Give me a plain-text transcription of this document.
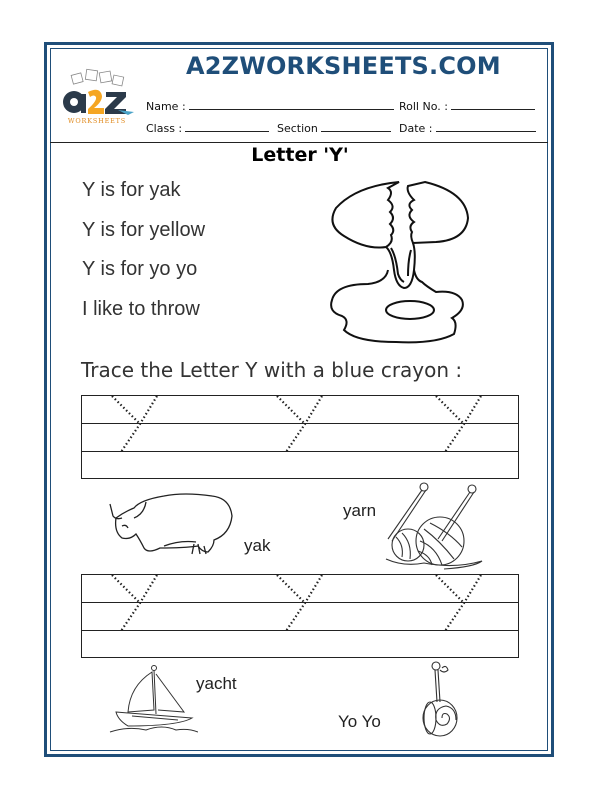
A2ZWORKSHEETS.COM
WORKSHEETS
Name :	Roll No. :
Class :	Section	Date :
Letter 'Y'
Y is for yak
Y is for yellow
Y is for yo yo
I like to throw
Trace the Letter Y with a blue crayon :
yak
yarn
yacht
Yo Yo
